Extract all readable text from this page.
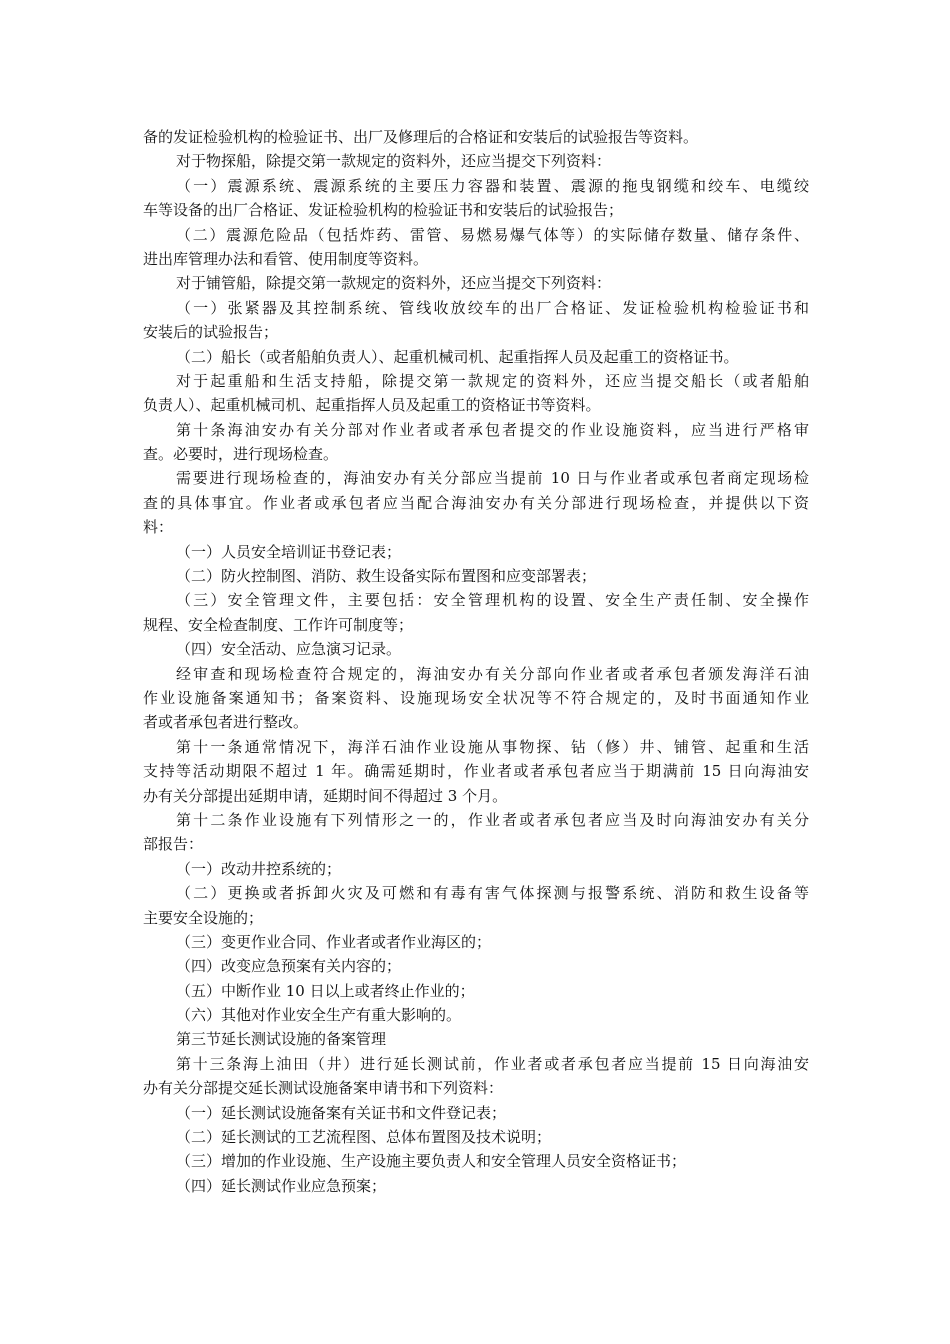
备的发证检验机构的检验证书、出厂及修理后的合格证和安装后的试验报告等资料。
对于物探船，除提交第一款规定的资料外，还应当提交下列资料：
（一）震源系统、震源系统的主要压力容器和装置、震源的拖曳钢缆和绞车、电缆绞
车等设备的出厂合格证、发证检验机构的检验证书和安装后的试验报告；
（二）震源危险品（包括炸药、雷管、易燃易爆气体等）的实际储存数量、储存条件、
进出库管理办法和看管、使用制度等资料。
对于铺管船，除提交第一款规定的资料外，还应当提交下列资料：
（一）张紧器及其控制系统、管线收放绞车的出厂合格证、发证检验机构检验证书和
安装后的试验报告；
（二）船长（或者船舶负责人）、起重机械司机、起重指挥人员及起重工的资格证书。
对于起重船和生活支持船，除提交第一款规定的资料外，还应当提交船长（或者船舶
负责人）、起重机械司机、起重指挥人员及起重工的资格证书等资料。
第十条海油安办有关分部对作业者或者承包者提交的作业设施资料，应当进行严格审
查。必要时，进行现场检查。
需要进行现场检查的，海油安办有关分部应当提前 10 日与作业者或承包者商定现场检
查的具体事宜。作业者或承包者应当配合海油安办有关分部进行现场检查，并提供以下资
料：
（一）人员安全培训证书登记表；
（二）防火控制图、消防、救生设备实际布置图和应变部署表；
（三）安全管理文件，主要包括：安全管理机构的设置、安全生产责任制、安全操作
规程、安全检查制度、工作许可制度等；
（四）安全活动、应急演习记录。
经审查和现场检查符合规定的，海油安办有关分部向作业者或者承包者颁发海洋石油
作业设施备案通知书；备案资料、设施现场安全状况等不符合规定的，及时书面通知作业
者或者承包者进行整改。
第十一条通常情况下，海洋石油作业设施从事物探、钻（修）井、铺管、起重和生活
支持等活动期限不超过 1 年。确需延期时，作业者或者承包者应当于期满前 15 日向海油安
办有关分部提出延期申请，延期时间不得超过 3 个月。
第十二条作业设施有下列情形之一的，作业者或者承包者应当及时向海油安办有关分
部报告：
（一）改动井控系统的；
（二）更换或者拆卸火灾及可燃和有毒有害气体探测与报警系统、消防和救生设备等
主要安全设施的；
（三）变更作业合同、作业者或者作业海区的；
（四）改变应急预案有关内容的；
（五）中断作业 10 日以上或者终止作业的；
（六）其他对作业安全生产有重大影响的。
第三节延长测试设施的备案管理
第十三条海上油田（井）进行延长测试前，作业者或者承包者应当提前 15 日向海油安
办有关分部提交延长测试设施备案申请书和下列资料：
（一）延长测试设施备案有关证书和文件登记表；
（二）延长测试的工艺流程图、总体布置图及技术说明；
（三）增加的作业设施、生产设施主要负责人和安全管理人员安全资格证书；
（四）延长测试作业应急预案；
